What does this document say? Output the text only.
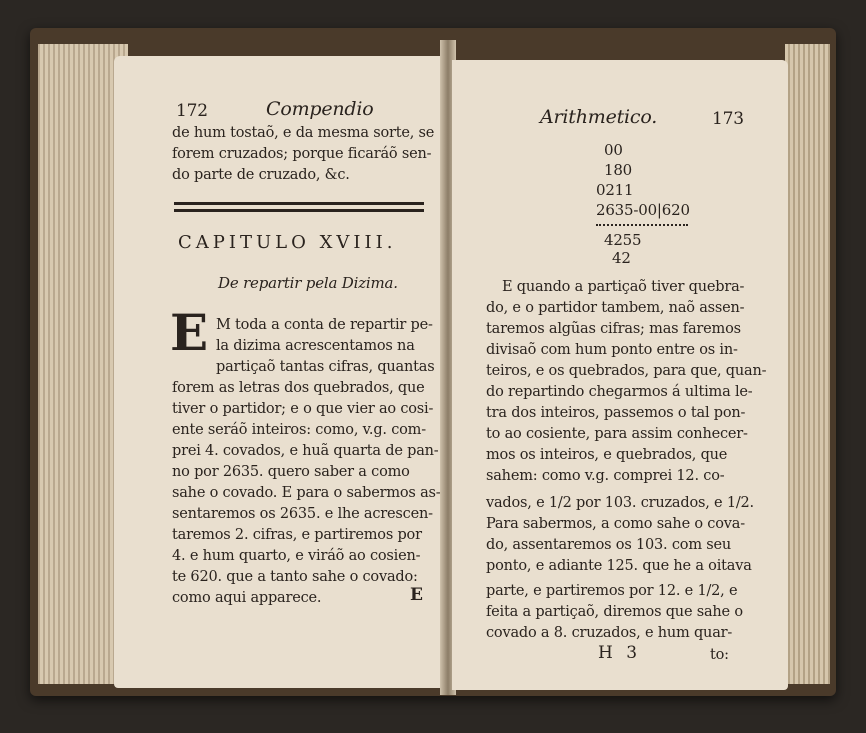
172	Compendio
de hum tostaõ, e da mesma sorte, se
forem cruzados; porque ficaráõ sen-
do parte de cruzado, &c.
CAPITULO XVIII.
De repartir pela Dizima.
E M toda a conta de repartir pe-
la dizima acrescentamos na
partiçaõ tantas cifras, quantas
forem as letras dos quebrados, que
tiver o partidor; e o que vier ao cosi-
ente seráõ inteiros: como, v.g. com-
prei 4. covados, e huã quarta de pan-
no por 2635. quero saber a como
sahe o covado. E para o sabermos as-
sentaremos os 2635. e lhe acrescen-
taremos 2. cifras, e partiremos por
4. e hum quarto, e viráõ ao cosien-
te 620. que a tanto sahe o covado:
como aqui apparece.	E
Arithmetico.	173
00
180
0211
2635-00|620
4255
42
E quando a partiçaõ tiver quebra-
do, e o partidor tambem, naõ assen-
taremos algũas cifras; mas faremos
divisaõ com hum ponto entre os in-
teiros, e os quebrados, para que, quan-
do repartindo chegarmos á ultima le-
tra dos inteiros, passemos o tal pon-
to ao cosiente, para assim conhecer-
mos os inteiros, e quebrados, que
sahem: como v.g. comprei 12. co-
vados, e 1/2 por 103. cruzados, e 1/2.
Para sabermos, a como sahe o cova-
do, assentaremos os 103. com seu
ponto, e adiante 125. que he a oitava
parte, e partiremos por 12. e 1/2, e
feita a partiçaõ, diremos que sahe o
covado a 8. cruzados, e hum quar-
H 3	to:
